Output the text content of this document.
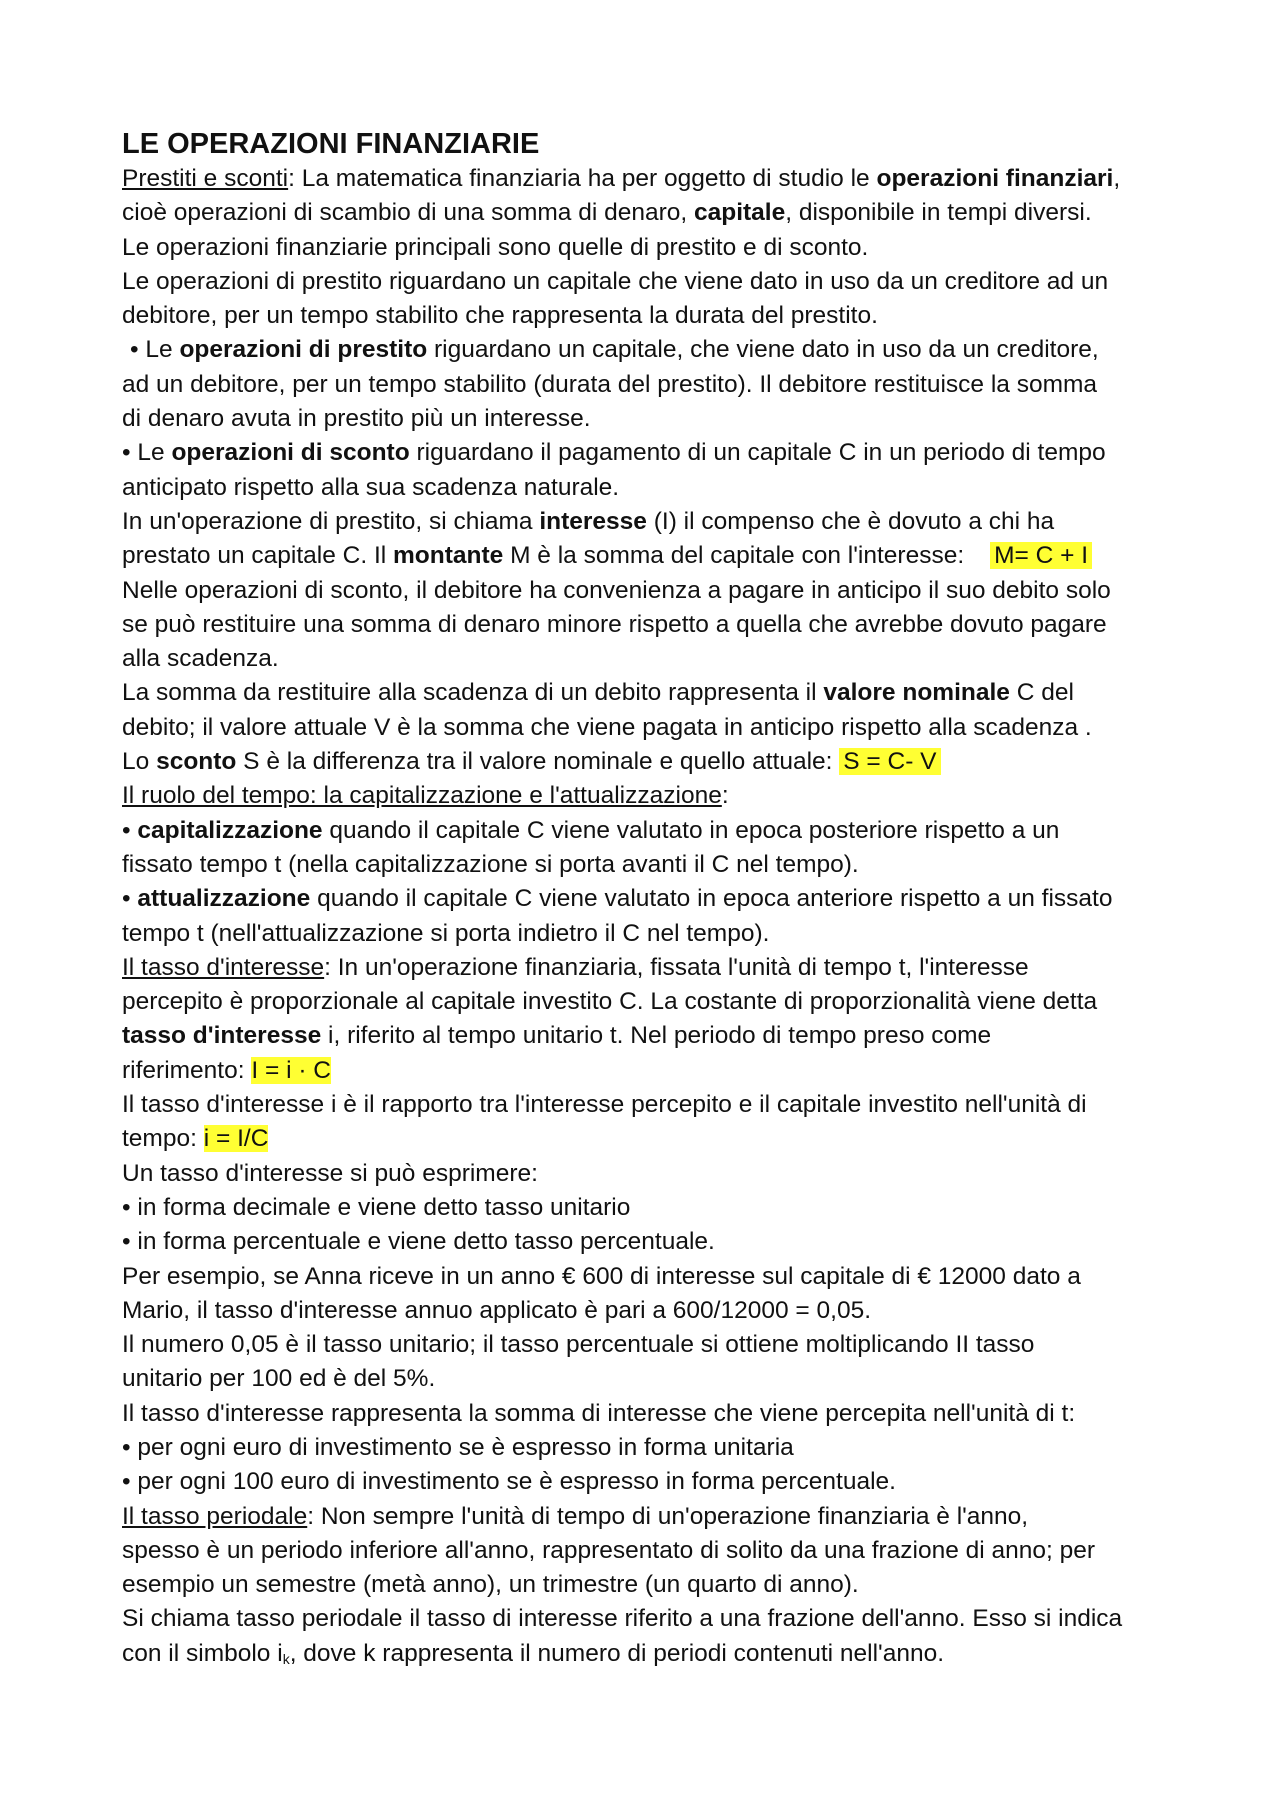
LE OPERAZIONI FINANZIARIE
Prestiti e sconti: La matematica finanziaria ha per oggetto di studio le operazioni finanziari,
cioè operazioni di scambio di una somma di denaro, capitale, disponibile in tempi diversi.
Le operazioni finanziarie principali sono quelle di prestito e di sconto.
Le operazioni di prestito riguardano un capitale che viene dato in uso da un creditore ad un
debitore, per un tempo stabilito che rappresenta la durata del prestito.
• Le operazioni di prestito riguardano un capitale, che viene dato in uso da un creditore,
ad un debitore, per un tempo stabilito (durata del prestito). Il debitore restituisce la somma
di denaro avuta in prestito più un interesse.
• Le operazioni di sconto riguardano il pagamento di un capitale C in un periodo di tempo
anticipato rispetto alla sua scadenza naturale.
In un'operazione di prestito, si chiama interesse (I) il compenso che è dovuto a chi ha
prestato un capitale C. Il montante M è la somma del capitale con l'interesse: M= C + I
Nelle operazioni di sconto, il debitore ha convenienza a pagare in anticipo il suo debito solo
se può restituire una somma di denaro minore rispetto a quella che avrebbe dovuto pagare
alla scadenza.
La somma da restituire alla scadenza di un debito rappresenta il valore nominale C del
debito; il valore attuale V è la somma che viene pagata in anticipo rispetto alla scadenza .
Lo sconto S è la differenza tra il valore nominale e quello attuale: S = C- V
Il ruolo del tempo: la capitalizzazione e l'attualizzazione:
• capitalizzazione quando il capitale C viene valutato in epoca posteriore rispetto a un
fissato tempo t (nella capitalizzazione si porta avanti il C nel tempo).
• attualizzazione quando il capitale C viene valutato in epoca anteriore rispetto a un fissato
tempo t (nell'attualizzazione si porta indietro il C nel tempo).
Il tasso d'interesse: In un'operazione finanziaria, fissata l'unità di tempo t, l'interesse
percepito è proporzionale al capitale investito C. La costante di proporzionalità viene detta
tasso d'interesse i, riferito al tempo unitario t. Nel periodo di tempo preso come
riferimento: I = i · C
Il tasso d'interesse i è il rapporto tra l'interesse percepito e il capitale investito nell'unità di
tempo: i = I/C
Un tasso d'interesse si può esprimere:
• in forma decimale e viene detto tasso unitario
• in forma percentuale e viene detto tasso percentuale.
Per esempio, se Anna riceve in un anno € 600 di interesse sul capitale di € 12000 dato a
Mario, il tasso d'interesse annuo applicato è pari a 600/12000 = 0,05.
Il numero 0,05 è il tasso unitario; il tasso percentuale si ottiene moltiplicando II tasso
unitario per 100 ed è del 5%.
Il tasso d'interesse rappresenta la somma di interesse che viene percepita nell'unità di t:
• per ogni euro di investimento se è espresso in forma unitaria
• per ogni 100 euro di investimento se è espresso in forma percentuale.
Il tasso periodale: Non sempre l'unità di tempo di un'operazione finanziaria è l'anno,
spesso è un periodo inferiore all'anno, rappresentato di solito da una frazione di anno; per
esempio un semestre (metà anno), un trimestre (un quarto di anno).
Si chiama tasso periodale il tasso di interesse riferito a una frazione dell'anno. Esso si indica
con il simbolo $i_k$, dove k rappresenta il numero di periodi contenuti nell'anno.
